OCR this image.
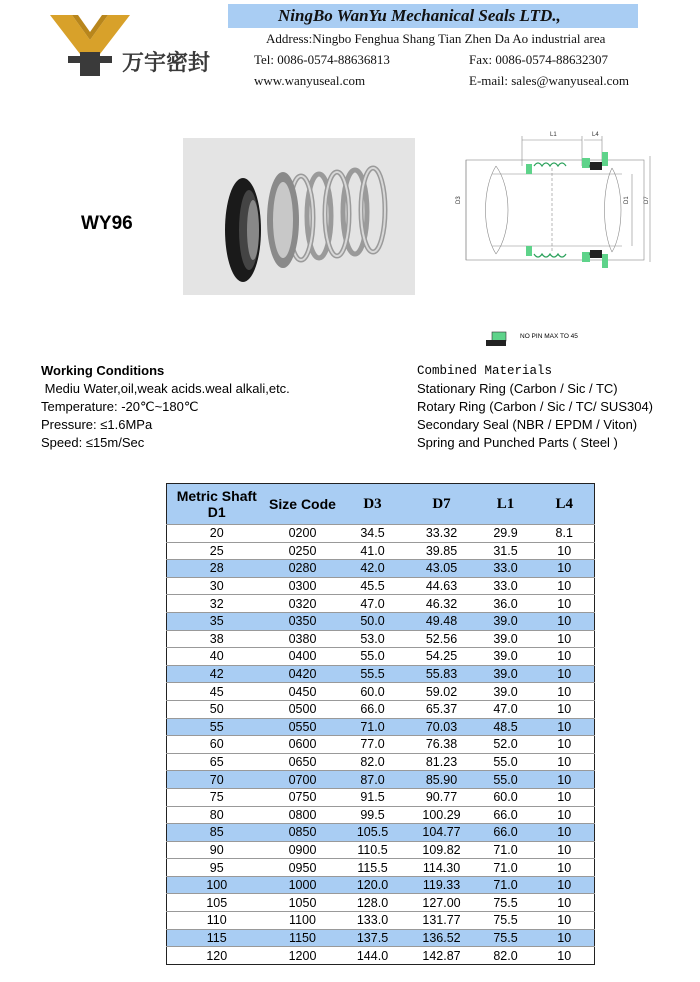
万宇密封
NingBo WanYu Mechanical Seals LTD.,
Address:Ningbo Fenghua Shang Tian Zhen Da Ao industrial area
Tel: 0086-0574-88636813	Fax: 0086-0574-88632307
www.wanyuseal.com	E-mail: sales@wanyuseal.com
WY96
L1	L4
D3	D1 D7
NO PIN MAX TO 45
Working Conditions
Mediu Water,oil,weak acids.weal alkali,etc.
Temperature: -20℃~180℃
Pressure: ≤1.6MPa
Speed: ≤15m/Sec
Combined Materials
Stationary Ring (Carbon / Sic / TC)
Rotary Ring (Carbon / Sic / TC/ SUS304)
Secondary Seal (NBR / EPDM / Viton)
Spring and Punched Parts ( Steel )
Metric Shaft D1	Size Code	D3	D7	L1	L4
20	0200	34.5	33.32	29.9	8.1
25	0250	41.0	39.85	31.5	10
28	0280	42.0	43.05	33.0	10
30	0300	45.5	44.63	33.0	10
32	0320	47.0	46.32	36.0	10
35	0350	50.0	49.48	39.0	10
38	0380	53.0	52.56	39.0	10
40	0400	55.0	54.25	39.0	10
42	0420	55.5	55.83	39.0	10
45	0450	60.0	59.02	39.0	10
50	0500	66.0	65.37	47.0	10
55	0550	71.0	70.03	48.5	10
60	0600	77.0	76.38	52.0	10
65	0650	82.0	81.23	55.0	10
70	0700	87.0	85.90	55.0	10
75	0750	91.5	90.77	60.0	10
80	0800	99.5	100.29	66.0	10
85	0850	105.5	104.77	66.0	10
90	0900	110.5	109.82	71.0	10
95	0950	115.5	114.30	71.0	10
100	1000	120.0	119.33	71.0	10
105	1050	128.0	127.00	75.5	10
110	1100	133.0	131.77	75.5	10
115	1150	137.5	136.52	75.5	10
120	1200	144.0	142.87	82.0	10
